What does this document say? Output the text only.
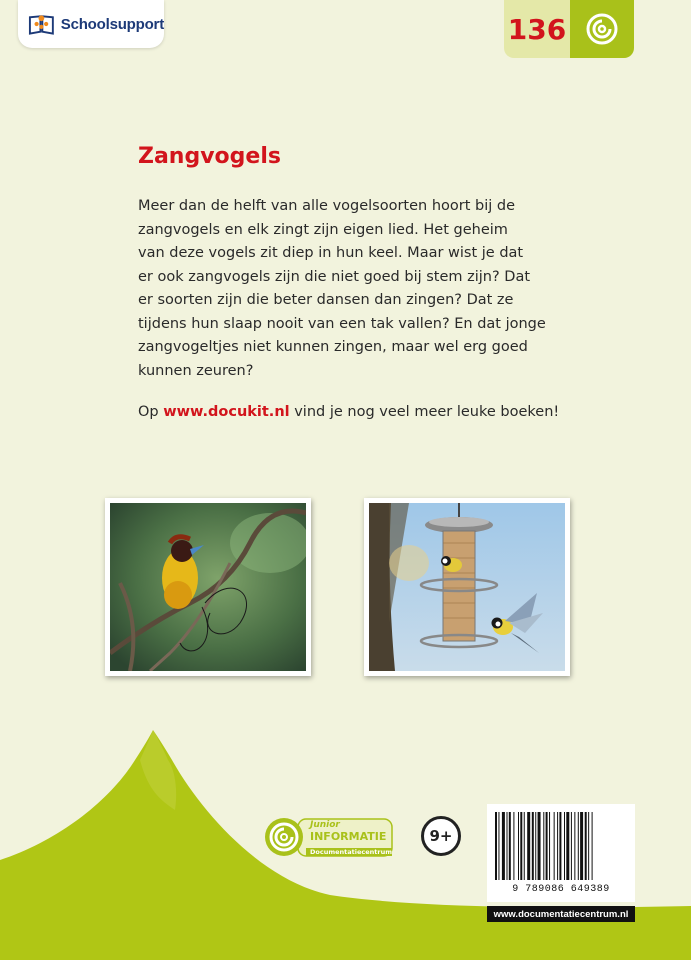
Schoolsupport	136
Zangvogels

Meer dan de helft van alle vogelsoorten hoort bij de
zangvogels en elk zingt zijn eigen lied. Het geheim
van deze vogels zit diep in hun keel. Maar wist je dat
er ook zangvogels zijn die niet goed bij stem zijn? Dat
er soorten zijn die beter dansen dan zingen? Dat ze
tijdens hun slaap nooit van een tak vallen? En dat jonge
zangvogeltjes niet kunnen zingen, maar wel erg goed
kunnen zeuren?

Op www.docukit.nl vind je nog veel meer leuke boeken!

Junior
INFORMATIE
Documentatiecentrum
9+
9 789086 649389
www.documentatiecentrum.nl
